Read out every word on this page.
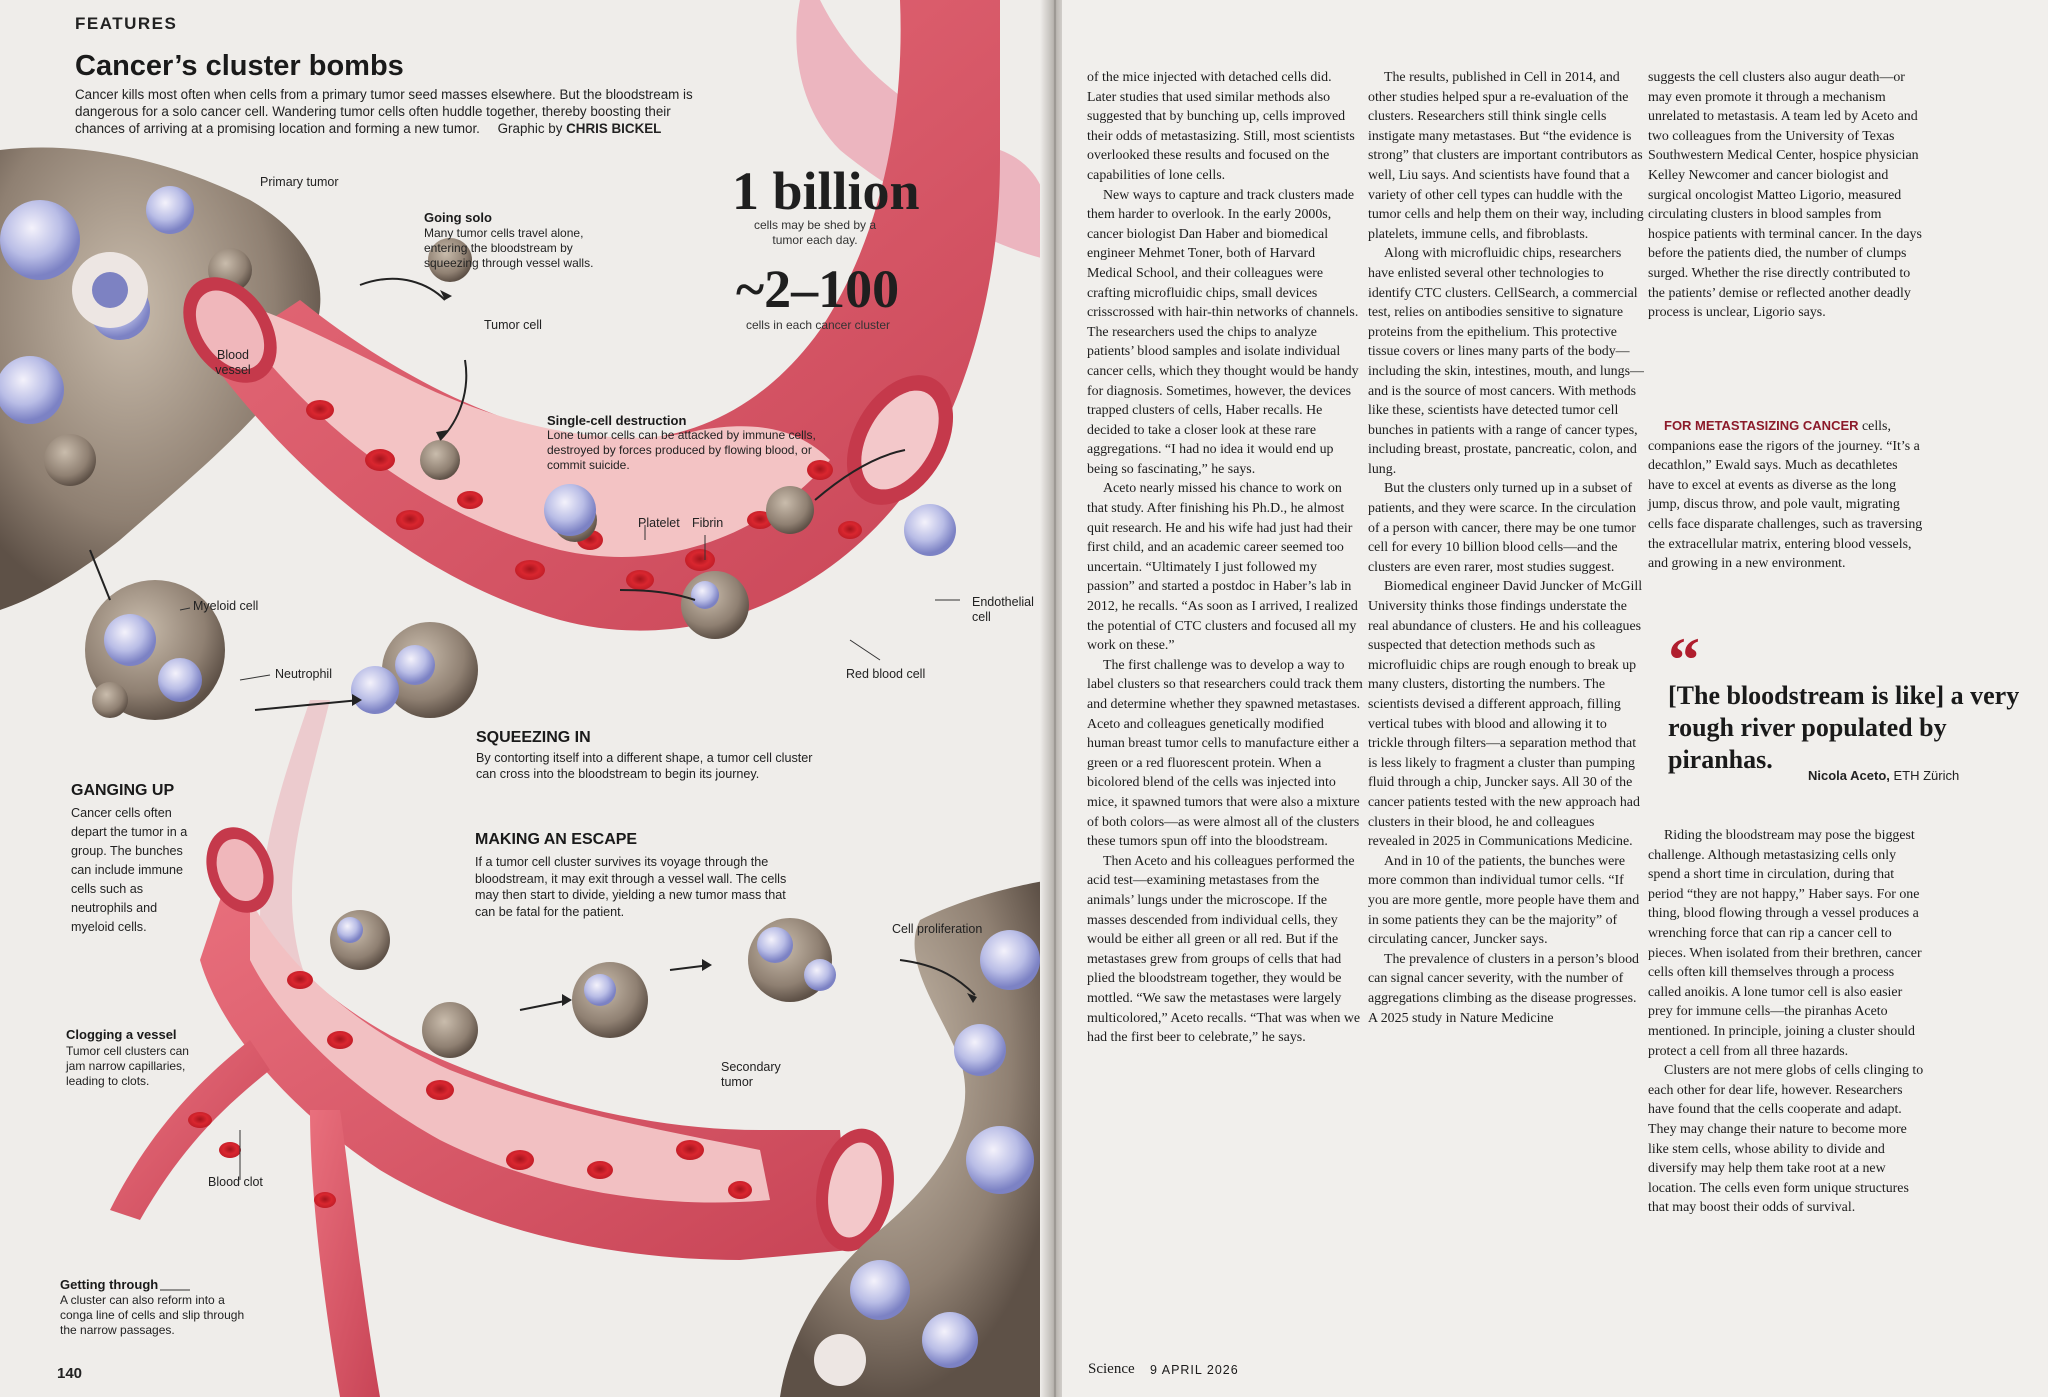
FEATURES
Cancer’s cluster bombs
Cancer kills most often when cells from a primary tumor seed masses elsewhere. But the bloodstream is dangerous for a solo cancer cell. Wandering tumor cells often huddle together, thereby boosting their chances of arriving at a promising location and forming a new tumor. Graphic by CHRIS BICKEL
1 billion
cells may be shed by a tumor each day.
~2–100
cells in each cancer cluster
Primary tumor
Tumor cell
Blood vessel
Platelet Fibrin
Endothelial cell
Red blood cell
Myeloid cell
Neutrophil
Cell proliferation
Secondary tumor
Blood clot
Going solo
Many tumor cells travel alone, entering the bloodstream by squeezing through vessel walls.
Single-cell destruction
Lone tumor cells can be attacked by immune cells, destroyed by forces produced by flowing blood, or commit suicide.
SQUEEZING IN
By contorting itself into a different shape, a tumor cell cluster can cross into the bloodstream to begin its journey.
GANGING UP
Cancer cells often depart the tumor in a group. The bunches can include immune cells such as neutrophils and myeloid cells.
MAKING AN ESCAPE
If a tumor cell cluster survives its voyage through the bloodstream, it may exit through a vessel wall. The cells may then start to divide, yielding a new tumor mass that can be fatal for the patient.
Clogging a vessel
Tumor cell clusters can jam narrow capillaries, leading to clots.
Getting through
A cluster can also reform into a conga line of cells and slip through the narrow passages.
140

of the mice injected with detached cells did. Later studies that used similar methods also suggested that by bunching up, cells improved their odds of metastasizing. Still, most scientists overlooked these results and focused on the capabilities of lone cells.

New ways to capture and track clusters made them harder to overlook. In the early 2000s, cancer biologist Dan Haber and biomedical engineer Mehmet Toner, both of Harvard Medical School, and their colleagues were crafting microfluidic chips, small devices crisscrossed with hair-thin networks of channels. The researchers used the chips to analyze patients’ blood samples and isolate individual cancer cells, which they thought would be handy for diagnosis. Sometimes, however, the devices trapped clusters of cells, Haber recalls. He decided to take a closer look at these rare aggregations. “I had no idea it would end up being so fascinating,” he says.

Aceto nearly missed his chance to work on that study. After finishing his Ph.D., he almost quit research. He and his wife had just had their first child, and an academic career seemed too uncertain. “Ultimately I just followed my passion” and started a postdoc in Haber’s lab in 2012, he recalls. “As soon as I arrived, I realized the potential of CTC clusters and focused all my work on these.”

The first challenge was to develop a way to label clusters so that researchers could track them and determine whether they spawned metastases. Aceto and colleagues genetically modified human breast tumor cells to manufacture either a green or a red fluorescent protein. When a bicolored blend of the cells was injected into mice, it spawned tumors that were also a mixture of both colors—as were almost all of the clusters these tumors spun off into the bloodstream.

Then Aceto and his colleagues performed the acid test—examining metastases from the animals’ lungs under the microscope. If the masses descended from individual cells, they would be either all green or all red. But if the metastases grew from groups of cells that had plied the bloodstream together, they would be mottled. “We saw the metastases were largely multicolored,” Aceto recalls. “That was when we had the first beer to celebrate,” he says.

The results, published in Cell in 2014, and other studies helped spur a re-evaluation of the clusters. Researchers still think single cells instigate many metastases. But “the evidence is strong” that clusters are important contributors as well, Liu says. And scientists have found that a variety of other cell types can huddle with the tumor cells and help them on their way, including platelets, immune cells, and fibroblasts.

Along with microfluidic chips, researchers have enlisted several other technologies to identify CTC clusters. CellSearch, a commercial test, relies on antibodies sensitive to signature proteins from the epithelium. This protective tissue covers or lines many parts of the body—including the skin, intestines, mouth, and lungs—and is the source of most cancers. With methods like these, scientists have detected tumor cell bunches in patients with a range of cancer types, including breast, prostate, pancreatic, colon, and lung.

But the clusters only turned up in a subset of patients, and they were scarce. In the circulation of a person with cancer, there may be one tumor cell for every 10 billion blood cells—and the clusters are even rarer, most studies suggest.

Biomedical engineer David Juncker of McGill University thinks those findings understate the real abundance of clusters. He and his colleagues suspected that detection methods such as microfluidic chips are rough enough to break up many clusters, distorting the numbers. The scientists devised a different approach, filling vertical tubes with blood and allowing it to trickle through filters—a separation method that is less likely to fragment a cluster than pumping fluid through a chip, Juncker says. All 30 of the cancer patients tested with the new approach had clusters in their blood, he and colleagues revealed in 2025 in Communications Medicine.

And in 10 of the patients, the bunches were more common than individual tumor cells. “If you are more gentle, more people have them and in some patients they can be the majority” of circulating cancer, Juncker says.

The prevalence of clusters in a person’s blood can signal cancer severity, with the number of aggregations climbing as the disease progresses. A 2025 study in Nature Medicine

suggests the cell clusters also augur death—or may even promote it through a mechanism unrelated to metastasis. A team led by Aceto and two colleagues from the University of Texas Southwestern Medical Center, hospice physician Kelley Newcomer and cancer biologist and surgical oncologist Matteo Ligorio, measured circulating clusters in blood samples from hospice patients with terminal cancer. In the days before the patients died, the number of clumps surged. Whether the rise directly contributed to the patients’ demise or reflected another deadly process is unclear, Ligorio says.

FOR METASTASIZING CANCER cells, companions ease the rigors of the journey. “It’s a decathlon,” Ewald says. Much as decathletes have to excel at events as diverse as the long jump, discus throw, and pole vault, migrating cells face disparate challenges, such as traversing the extracellular matrix, entering blood vessels, and growing in a new environment.

“
[The bloodstream is like] a very rough river populated by piranhas.
Nicola Aceto, ETH Zürich

Riding the bloodstream may pose the biggest challenge. Although metastasizing cells only spend a short time in circulation, during that period “they are not happy,” Haber says. For one thing, blood flowing through a vessel produces a wrenching force that can rip a cancer cell to pieces. When isolated from their brethren, cancer cells often kill themselves through a process called anoikis. A lone tumor cell is also easier prey for immune cells—the piranhas Aceto mentioned. In principle, joining a cluster should protect a cell from all three hazards.

Clusters are not mere globs of cells clinging to each other for dear life, however. Researchers have found that the cells cooperate and adapt. They may change their nature to become more like stem cells, whose ability to divide and diversify may help them take root at a new location. The cells even form unique structures that may boost their odds of survival.

Science 9 APRIL 2026
